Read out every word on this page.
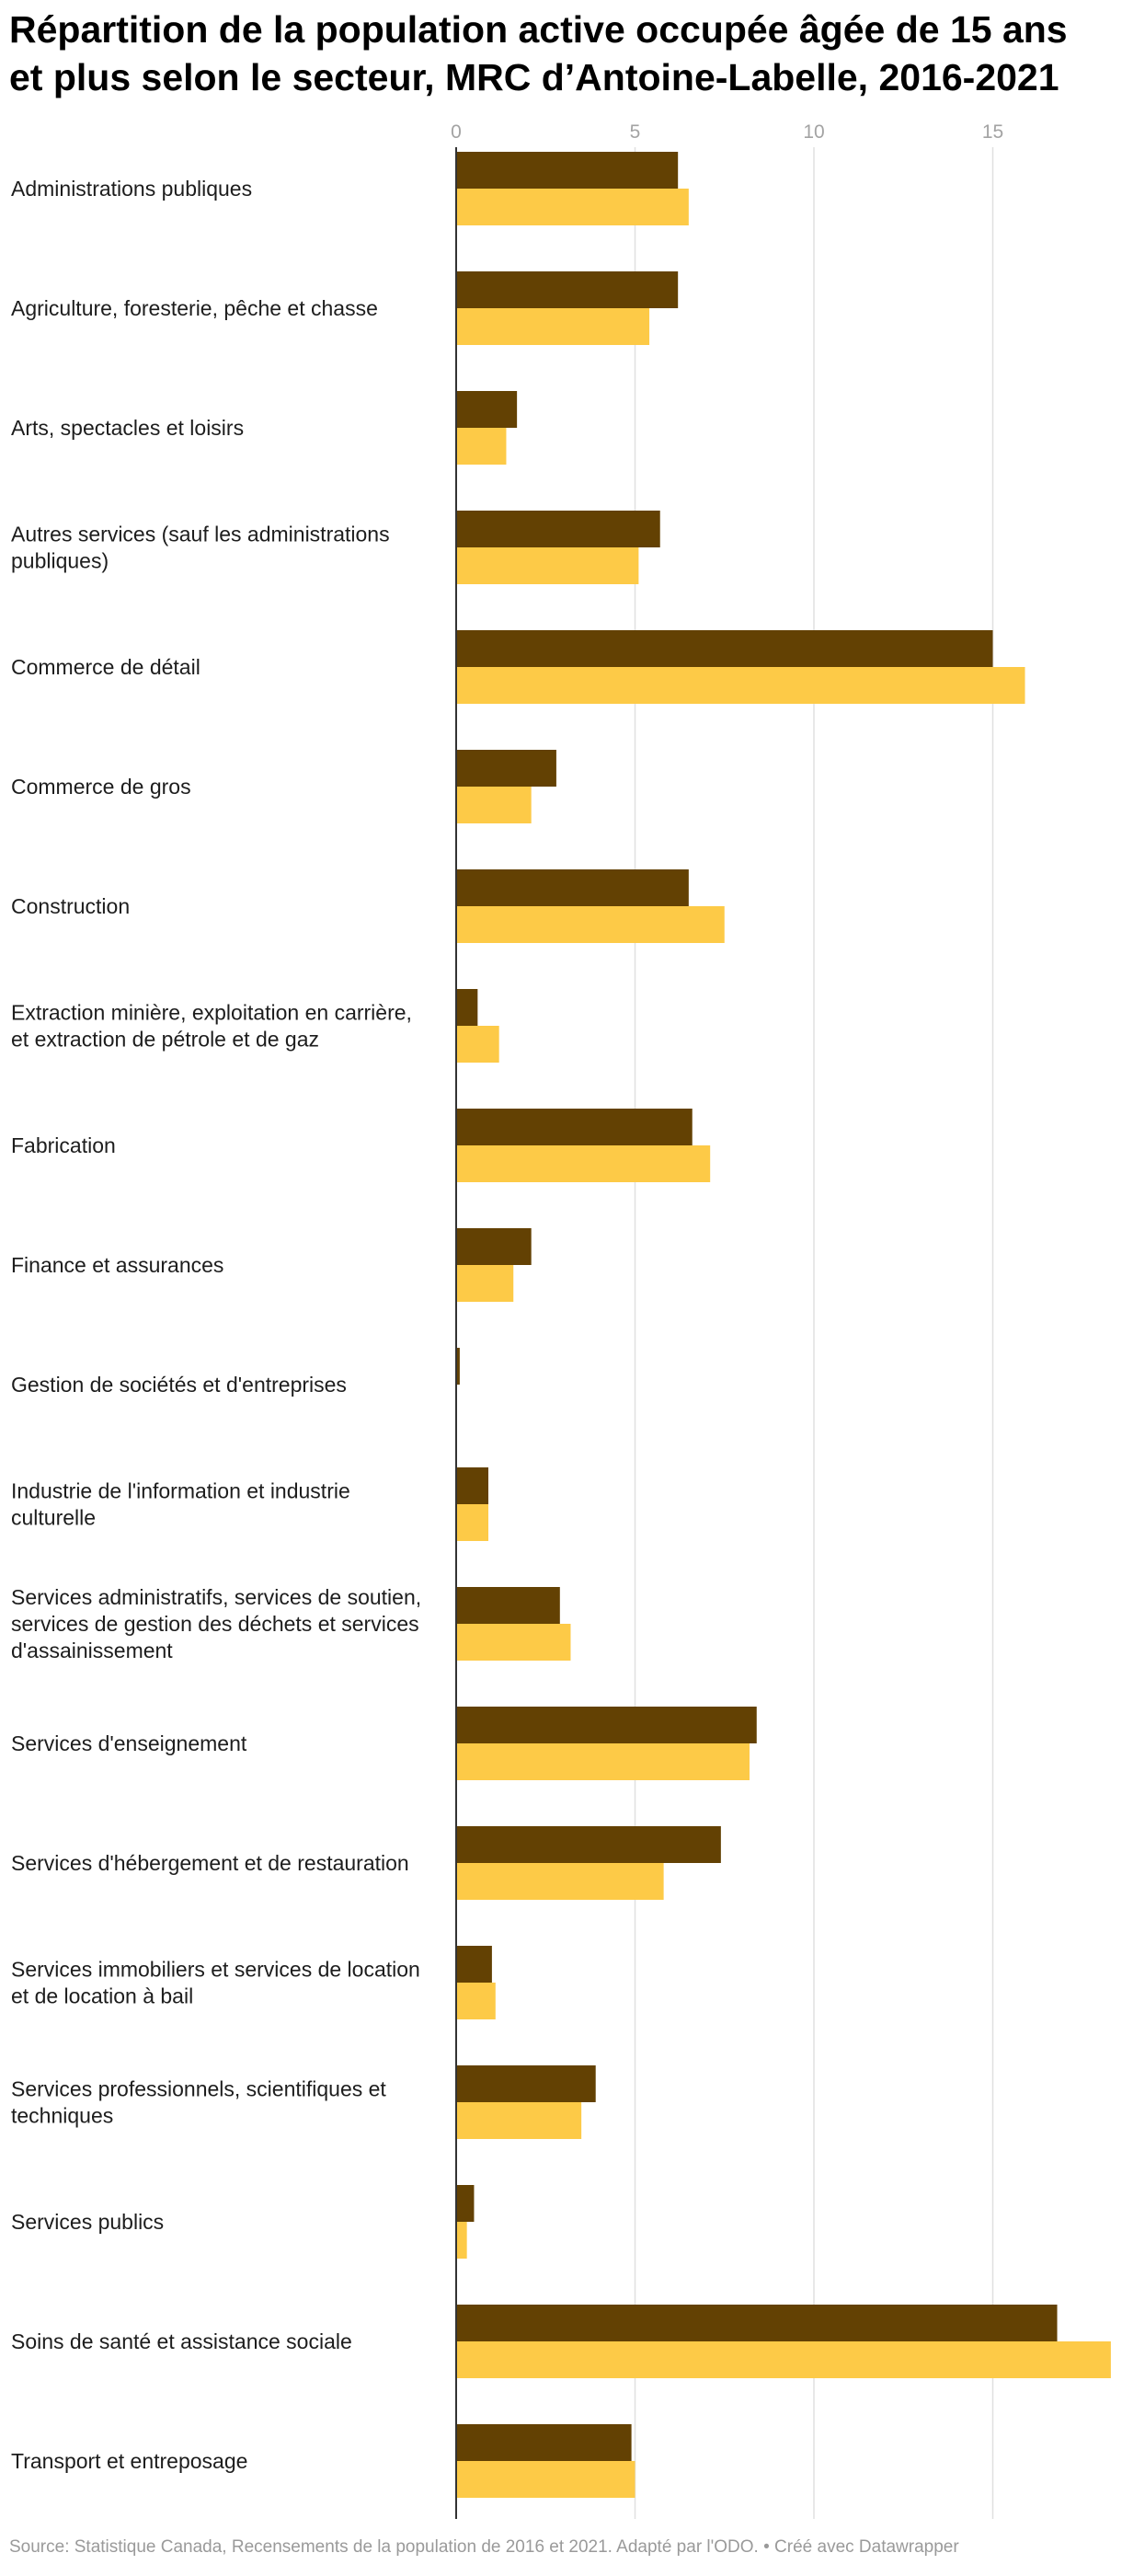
Répartition de la population active occupée âgée de 15 ans
et plus selon le secteur, MRC d’Antoine-Labelle, 2016-2021
0	5	10	15
Administrations publiques
Agriculture, foresterie, pêche et chasse
Arts, spectacles et loisirs
Autres services (sauf les administrations
publiques)
Commerce de détail
Commerce de gros
Construction
Extraction minière, exploitation en carrière,
et extraction de pétrole et de gaz
Fabrication
Finance et assurances
Gestion de sociétés et d'entreprises
Industrie de l'information et industrie
culturelle
Services administratifs, services de soutien,
services de gestion des déchets et services
d'assainissement
Services d'enseignement
Services d'hébergement et de restauration
Services immobiliers et services de location
et de location à bail
Services professionnels, scientifiques et
techniques
Services publics
Soins de santé et assistance sociale
Transport et entreposage
Source: Statistique Canada, Recensements de la population de 2016 et 2021. Adapté par l'ODO. • Créé avec Datawrapper
